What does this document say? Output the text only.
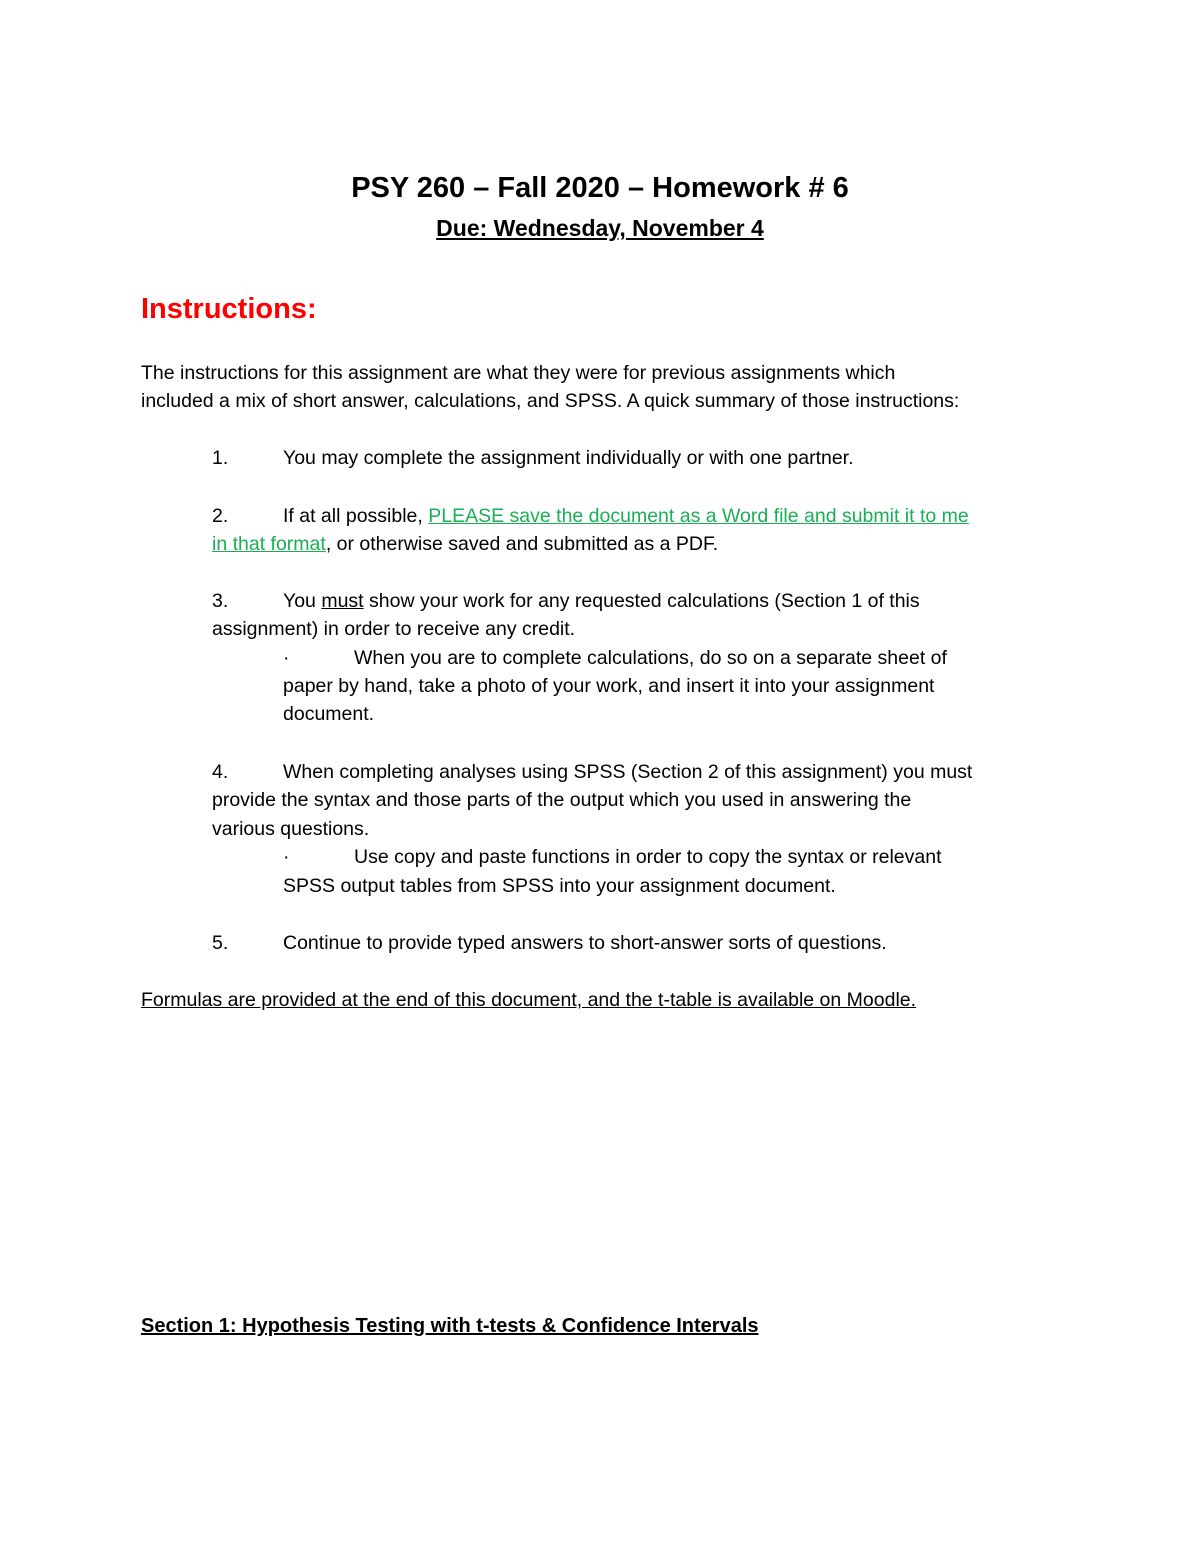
PSY 260 – Fall 2020 – Homework # 6
Due: Wednesday, November 4
Instructions:

The instructions for this assignment are what they were for previous assignments which

included a mix of short answer, calculations, and SPSS. A quick summary of those instructions:

1.	You may complete the assignment individually or with one partner.
2.	If at all possible, PLEASE save the document as a Word file and submit it to me
in that format, or otherwise saved and submitted as a PDF.
3.	You must show your work for any requested calculations (Section 1 of this
assignment) in order to receive any credit.
·	When you are to complete calculations, do so on a separate sheet of
paper by hand, take a photo of your work, and insert it into your assignment
document.
4.	When completing analyses using SPSS (Section 2 of this assignment) you must
provide the syntax and those parts of the output which you used in answering the
various questions.
·	Use copy and paste functions in order to copy the syntax or relevant
SPSS output tables from SPSS into your assignment document.
5.	Continue to provide typed answers to short-answer sorts of questions.

Formulas are provided at the end of this document, and the t-table is available on Moodle.

Section 1: Hypothesis Testing with t-tests & Confidence Intervals
